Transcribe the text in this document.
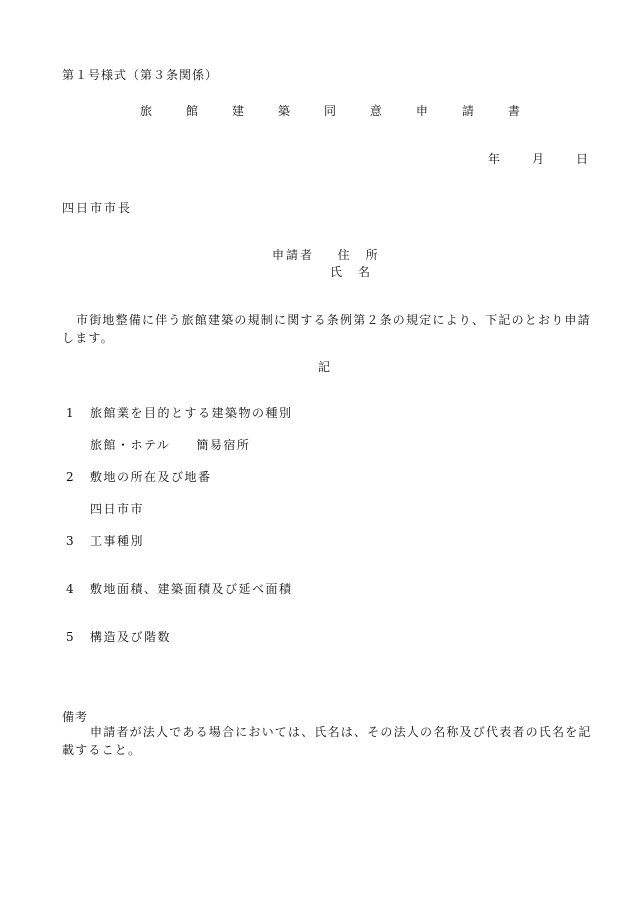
第１号様式（第３条関係）
旅	館	建	築	同	意	申	請	書
年	月	日
四日市市長
申請者 住　所
氏　名
市街地整備に伴う旅館建築の規制に関する条例第２条の規定により、下記のとおり申請します。
記
1 旅館業を目的とする建築物の種別
旅館・ホテル 簡易宿所
2 敷地の所在及び地番
四日市市
3 工事種別
4 敷地面積、建築面積及び延べ面積
5 構造及び階数
備考
申請者が法人である場合においては、氏名は、その法人の名称及び代表者の氏名を記載すること。
